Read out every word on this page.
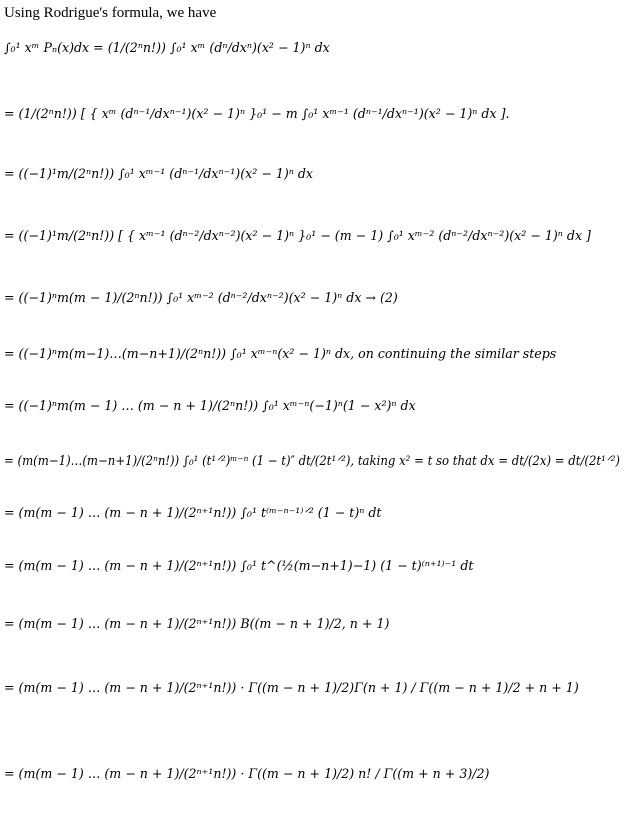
Using Rodrigue's formula, we have
∫₀¹ xᵐ Pₙ(x)dx = (1/(2ⁿn!)) ∫₀¹ xᵐ (dⁿ/dxⁿ)(x² − 1)ⁿ dx
= (1/(2ⁿn!)) [ { xᵐ (dⁿ⁻¹/dxⁿ⁻¹)(x² − 1)ⁿ }₀¹ − m ∫₀¹ xᵐ⁻¹ (dⁿ⁻¹/dxⁿ⁻¹)(x² − 1)ⁿ dx ].
= ((−1)¹m/(2ⁿn!)) ∫₀¹ xᵐ⁻¹ (dⁿ⁻¹/dxⁿ⁻¹)(x² − 1)ⁿ dx
= ((−1)¹m/(2ⁿn!)) [ { xᵐ⁻¹ (dⁿ⁻²/dxⁿ⁻²)(x² − 1)ⁿ }₀¹ − (m − 1) ∫₀¹ xᵐ⁻² (dⁿ⁻²/dxⁿ⁻²)(x² − 1)ⁿ dx ]
= ((−1)ⁿm(m − 1)/(2ⁿn!)) ∫₀¹ xᵐ⁻² (dⁿ⁻²/dxⁿ⁻²)(x² − 1)ⁿ dx → (2)
= ((−1)ⁿm(m−1)…(m−n+1)/(2ⁿn!)) ∫₀¹ xᵐ⁻ⁿ(x² − 1)ⁿ dx, on continuing the similar steps
= ((−1)ⁿm(m − 1) … (m − n + 1)/(2ⁿn!)) ∫₀¹ xᵐ⁻ⁿ(−1)ⁿ(1 − x²)ⁿ dx
= (m(m−1)…(m−n+1)/(2ⁿn!)) ∫₀¹ (t¹ᐟ²)ᵐ⁻ⁿ (1 − t)″ dt/(2t¹ᐟ²), taking x² = t so that dx = dt/(2x) = dt/(2t¹ᐟ²)
= (m(m − 1) … (m − n + 1)/(2ⁿ⁺¹n!)) ∫₀¹ t⁽ᵐ⁻ⁿ⁻¹⁾ᐟ² (1 − t)ⁿ dt
= (m(m − 1) … (m − n + 1)/(2ⁿ⁺¹n!)) ∫₀¹ t^(½(m−n+1)−1) (1 − t)⁽ⁿ⁺¹⁾⁻¹ dt
= (m(m − 1) … (m − n + 1)/(2ⁿ⁺¹n!)) B((m − n + 1)/2, n + 1)
= (m(m − 1) … (m − n + 1)/(2ⁿ⁺¹n!)) · Γ((m − n + 1)/2)Γ(n + 1) / Γ((m − n + 1)/2 + n + 1)
= (m(m − 1) … (m − n + 1)/(2ⁿ⁺¹n!)) · Γ((m − n + 1)/2) n! / Γ((m + n + 3)/2)
